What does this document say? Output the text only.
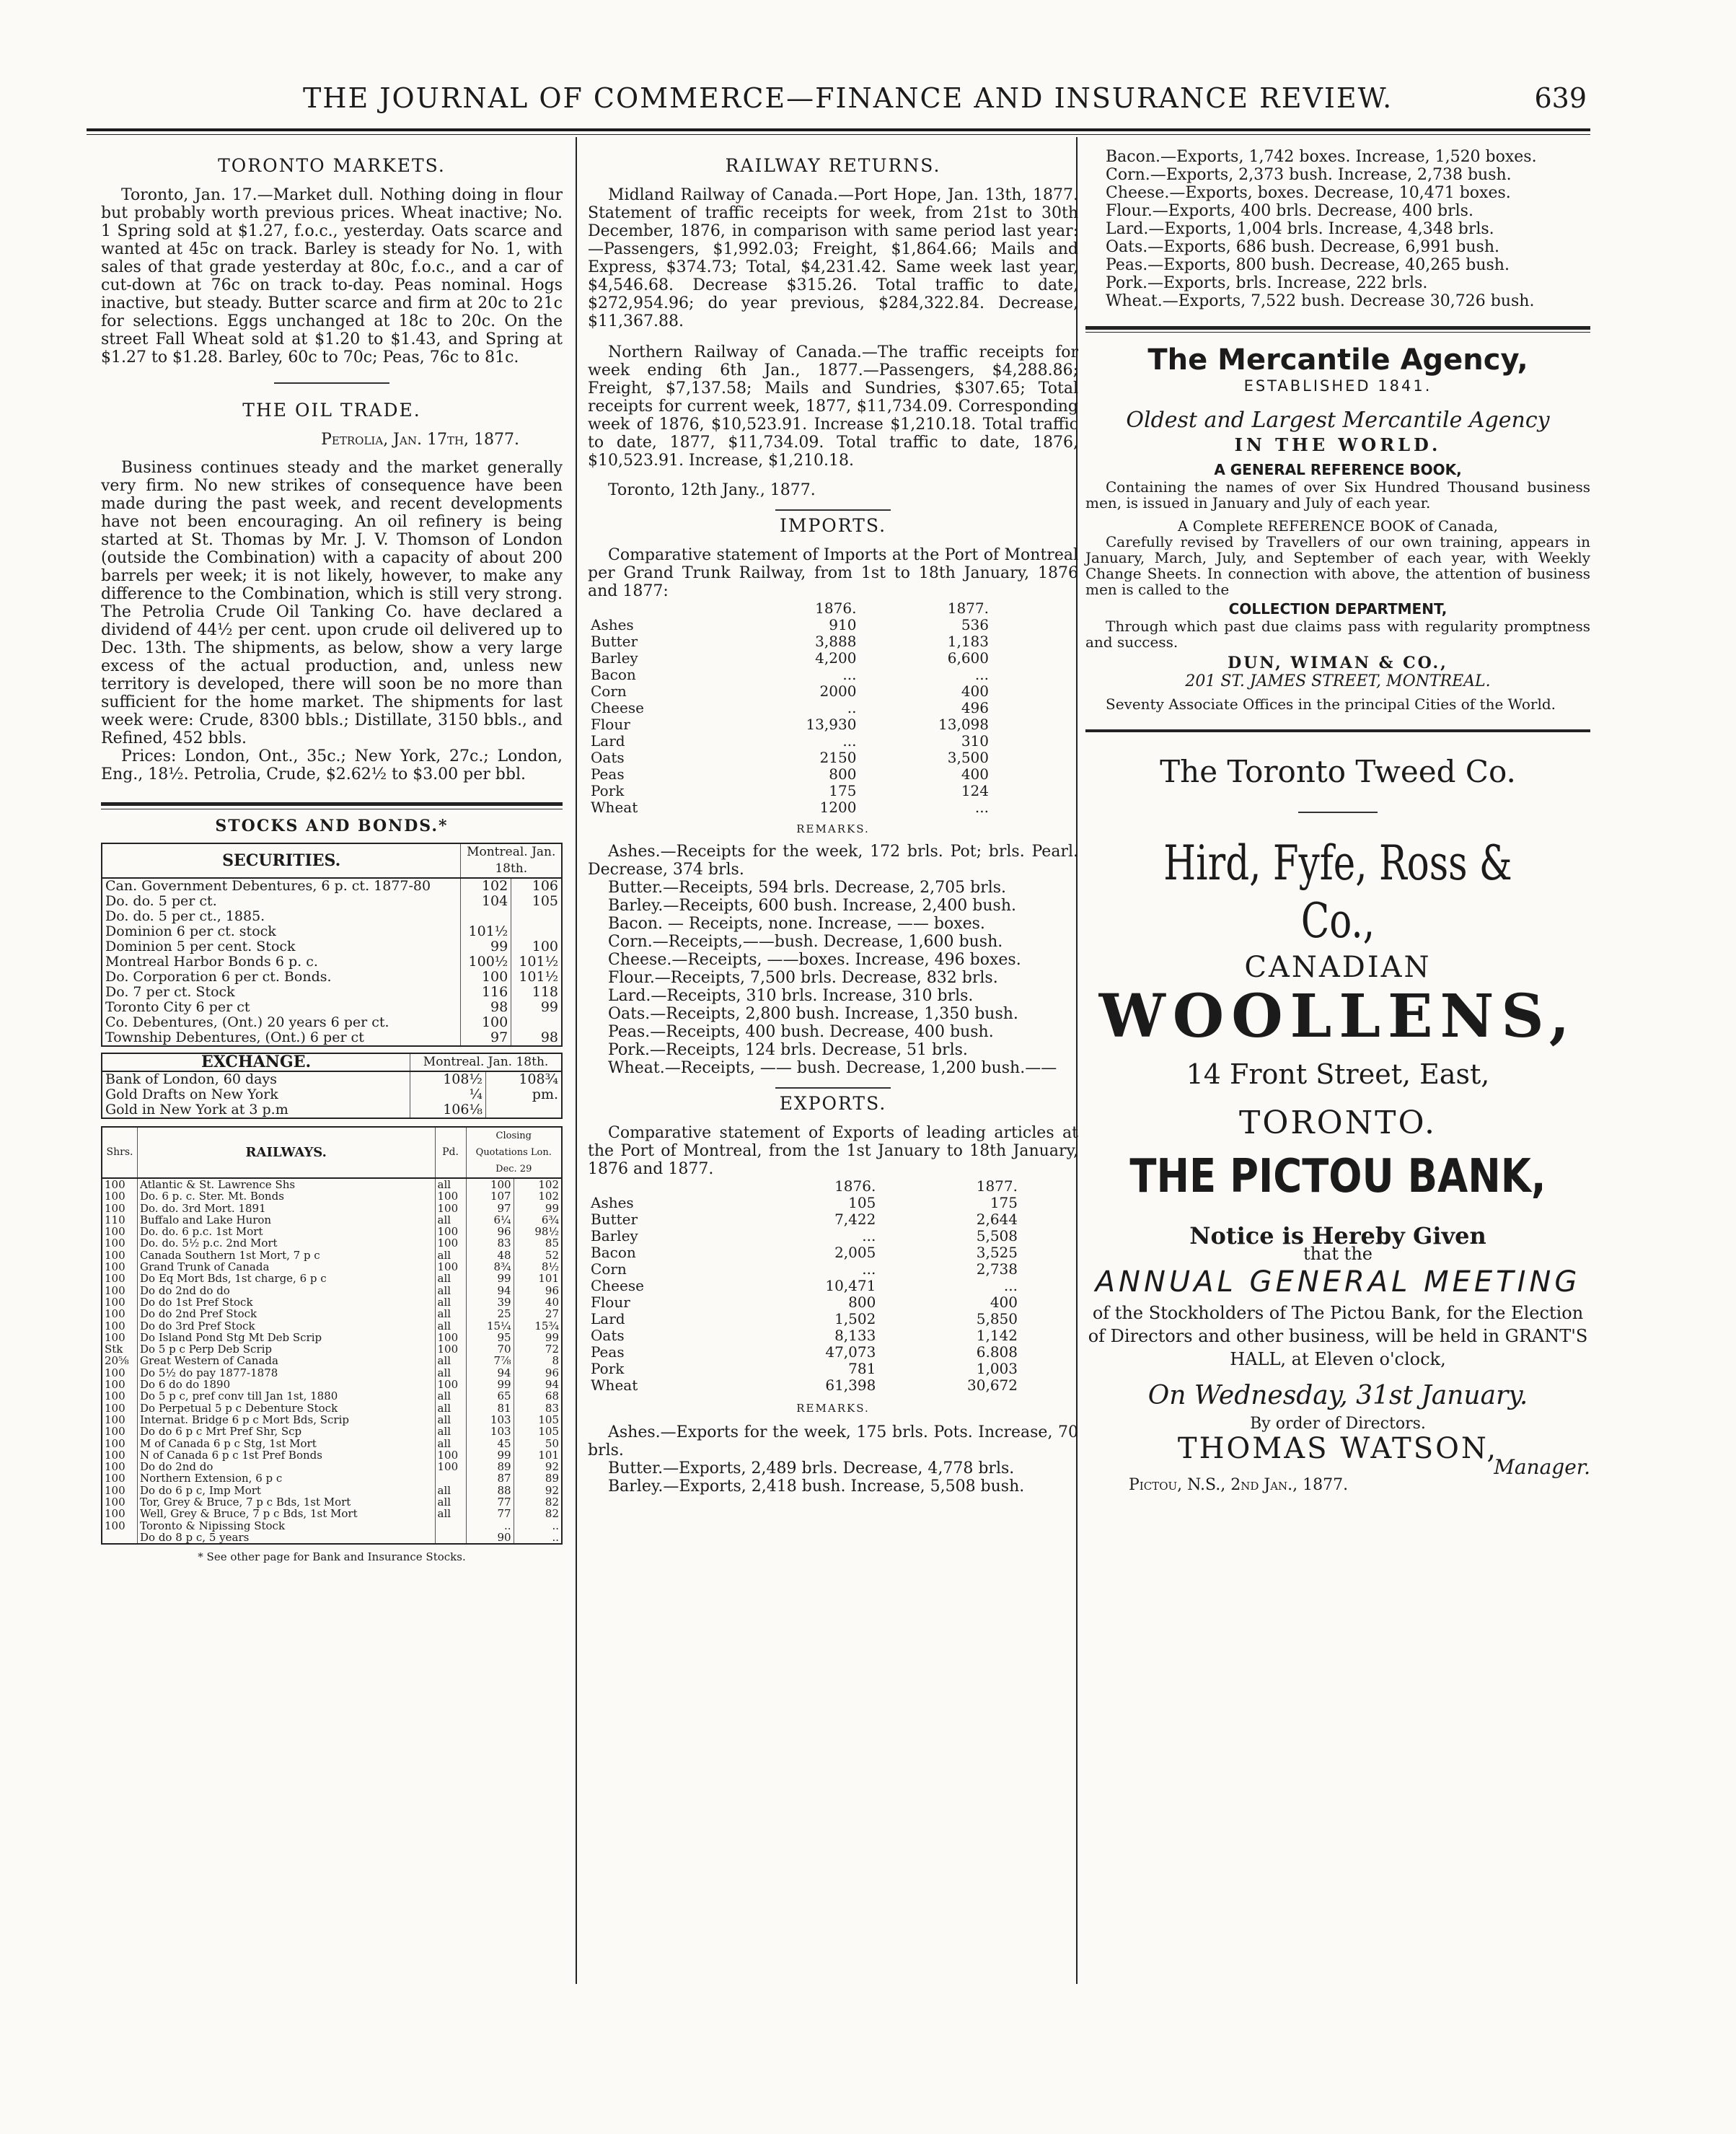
THE JOURNAL OF COMMERCE—FINANCE AND INSURANCE REVIEW.	639
TORONTO MARKETS.

Toronto, Jan. 17.—Market dull. Nothing doing in flour but probably worth previous prices. Wheat inactive; No. 1 Spring sold at $1.27, f.o.c., yesterday. Oats scarce and wanted at 45c on track. Barley is steady for No. 1, with sales of that grade yesterday at 80c, f.o.c., and a car of cut-down at 76c on track to-day. Peas nominal. Hogs inactive, but steady. Butter scarce and firm at 20c to 21c for selections. Eggs unchanged at 18c to 20c. On the street Fall Wheat sold at $1.20 to $1.43, and Spring at $1.27 to $1.28. Barley, 60c to 70c; Peas, 76c to 81c.

THE OIL TRADE.

Petrolia, Jan. 17th, 1877.

Business continues steady and the market generally very firm. No new strikes of consequence have been made during the past week, and recent developments have not been encouraging. An oil refinery is being started at St. Thomas by Mr. J. V. Thomson of London (outside the Combination) with a capacity of about 200 barrels per week; it is not likely, however, to make any difference to the Combination, which is still very strong. The Petrolia Crude Oil Tanking Co. have declared a dividend of 44½ per cent. upon crude oil delivered up to Dec. 13th. The shipments, as below, show a very large excess of the actual production, and, unless new territory is developed, there will soon be no more than sufficient for the home market. The shipments for last week were: Crude, 8300 bbls.; Distillate, 3150 bbls., and Refined, 452 bbls.

Prices: London, Ont., 35c.; New York, 27c.; London, Eng., 18½. Petrolia, Crude, $2.62½ to $3.00 per bbl.

STOCKS AND BONDS.*
SECURITIES.	Montreal. Jan. 18th.	
Can. Government Debentures, 6 p. ct. 1877-80	102	106
Do. do. 5 per ct.	104	105
Do. do. 5 per ct., 1885.		
Dominion 6 per ct. stock	101½	
Dominion 5 per cent. Stock	99	100
Montreal Harbor Bonds 6 p. c.	100½	101½
Do. Corporation 6 per ct. Bonds.	100	101½
Do. 7 per ct. Stock	116	118
Toronto City 6 per ct	98	99
Co. Debentures, (Ont.) 20 years 6 per ct.	100	
Township Debentures, (Ont.) 6 per ct	97	98
EXCHANGE.	Montreal. Jan. 18th.	
Bank of London, 60 days	108½	108¾
Gold Drafts on New York	¼	pm.
Gold in New York at 3 p.m	106⅛	
Shrs.	RAILWAYS.	Pd.	Closing Quotations Lon. Dec. 29	
100	Atlantic & St. Lawrence Shs	all	100	102
100	Do. 6 p. c. Ster. Mt. Bonds	100	107	102
100	Do. do. 3rd Mort. 1891	100	97	99
110	Buffalo and Lake Huron	all	6¼	6¾
100	Do. do. 6 p.c. 1st Mort	100	96	98½
100	Do. do. 5½ p.c. 2nd Mort	100	83	85
100	Canada Southern 1st Mort, 7 p c	all	48	52
100	Grand Trunk of Canada	100	8¾	8½
100	Do Eq Mort Bds, 1st charge, 6 p c	all	99	101
100	Do do 2nd do do	all	94	96
100	Do do 1st Pref Stock	all	39	40
100	Do do 2nd Pref Stock	all	25	27
100	Do do 3rd Pref Stock	all	15¼	15¾
100	Do Island Pond Stg Mt Deb Scrip	100	95	99
Stk	Do 5 p c Perp Deb Scrip	100	70	72
20⅝	Great Western of Canada	all	7⅞	8
100	Do 5½ do pay 1877-1878	all	94	96
100	Do 6 do do 1890	100	99	94
100	Do 5 p c, pref conv till Jan 1st, 1880	all	65	68
100	Do Perpetual 5 p c Debenture Stock	all	81	83
100	Internat. Bridge 6 p c Mort Bds, Scrip	all	103	105
100	Do do 6 p c Mrt Pref Shr, Scp	all	103	105
100	M of Canada 6 p c Stg, 1st Mort	all	45	50
100	N of Canada 6 p c 1st Pref Bonds	100	99	101
100	Do do 2nd do	100	89	92
100	Northern Extension, 6 p c		87	89
100	Do do 6 p c, Imp Mort	all	88	92
100	Tor, Grey & Bruce, 7 p c Bds, 1st Mort	all	77	82
100	Well, Grey & Bruce, 7 p c Bds, 1st Mort	all	77	82
100	Toronto & Nipissing Stock		..	..
	Do do 8 p c, 5 years		90	..

* See other page for Bank and Insurance Stocks.

RAILWAY RETURNS.

Midland Railway of Canada.—Port Hope, Jan. 13th, 1877. Statement of traffic receipts for week, from 21st to 30th December, 1876, in comparison with same period last year:—Passengers, $1,992.03; Freight, $1,864.66; Mails and Express, $374.73; Total, $4,231.42. Same week last year, $4,546.68. Decrease $315.26. Total traffic to date, $272,954.96; do year previous, $284,322.84. Decrease, $11,367.88.

Northern Railway of Canada.—The traffic receipts for week ending 6th Jan., 1877.—Passengers, $4,288.86; Freight, $7,137.58; Mails and Sundries, $307.65; Total receipts for current week, 1877, $11,734.09. Corresponding week of 1876, $10,523.91. Increase $1,210.18. Total traffic to date, 1877, $11,734.09. Total traffic to date, 1876, $10,523.91. Increase, $1,210.18.

Toronto, 12th Jany., 1877.

IMPORTS.

Comparative statement of Imports at the Port of Montreal per Grand Trunk Railway, from 1st to 18th January, 1876 and 1877:

	1876.	1877.
Ashes	910	536
Butter	3,888	1,183
Barley	4,200	6,600
Bacon	...	...
Corn	2000	400
Cheese	..	496
Flour	13,930	13,098
Lard	...	310
Oats	2150	3,500
Peas	800	400
Pork	175	124
Wheat	1200	...

REMARKS.

Ashes.—Receipts for the week, 172 brls. Pot; brls. Pearl. Decrease, 374 brls.

Butter.—Receipts, 594 brls. Decrease, 2,705 brls.

Barley.—Receipts, 600 bush. Increase, 2,400 bush.

Bacon. — Receipts, none. Increase, —— boxes.

Corn.—Receipts,——bush. Decrease, 1,600 bush.

Cheese.—Receipts, ——boxes. Increase, 496 boxes.

Flour.—Receipts, 7,500 brls. Decrease, 832 brls.

Lard.—Receipts, 310 brls. Increase, 310 brls.

Oats.—Receipts, 2,800 bush. Increase, 1,350 bush.

Peas.—Receipts, 400 bush. Decrease, 400 bush.

Pork.—Receipts, 124 brls. Decrease, 51 brls.

Wheat.—Receipts, —— bush. Decrease, 1,200 bush.——

EXPORTS.

Comparative statement of Exports of leading articles at the Port of Montreal, from the 1st January to 18th January, 1876 and 1877.

	1876.	1877.
Ashes	105	175
Butter	7,422	2,644
Barley	...	5,508
Bacon	2,005	3,525
Corn	...	2,738
Cheese	10,471	...
Flour	800	400
Lard	1,502	5,850
Oats	8,133	1,142
Peas	47,073	6.808
Pork	781	1,003
Wheat	61,398	30,672

REMARKS.

Ashes.—Exports for the week, 175 brls. Pots. Increase, 70 brls.

Butter.—Exports, 2,489 brls. Decrease, 4,778 brls.

Barley.—Exports, 2,418 bush. Increase, 5,508 bush.

Bacon.—Exports, 1,742 boxes. Increase, 1,520 boxes.

Corn.—Exports, 2,373 bush. Increase, 2,738 bush.

Cheese.—Exports, boxes. Decrease, 10,471 boxes.

Flour.—Exports, 400 brls. Decrease, 400 brls.

Lard.—Exports, 1,004 brls. Increase, 4,348 brls.

Oats.—Exports, 686 bush. Decrease, 6,991 bush.

Peas.—Exports, 800 bush. Decrease, 40,265 bush.

Pork.—Exports, brls. Increase, 222 brls.

Wheat.—Exports, 7,522 bush. Decrease 30,726 bush.

The Mercantile Agency,

ESTABLISHED 1841.

Oldest and Largest Mercantile Agency

IN THE WORLD.

A GENERAL REFERENCE BOOK,

Containing the names of over Six Hundred Thousand business men, is issued in January and July of each year.

A Complete REFERENCE BOOK of Canada,

Carefully revised by Travellers of our own training, appears in January, March, July, and September of each year, with Weekly Change Sheets. In connection with above, the attention of business men is called to the

COLLECTION DEPARTMENT,

Through which past due claims pass with regularity promptness and success.

DUN, WIMAN & CO.,

201 ST. JAMES STREET, MONTREAL.

Seventy Associate Offices in the principal Cities of the World.

The Toronto Tweed Co.

Hird, Fyfe, Ross & Co.,

CANADIAN

WOOLLENS,

14 Front Street, East,

TORONTO.

THE PICTOU BANK,

Notice is Hereby Given

that the

ANNUAL GENERAL MEETING

of the Stockholders of The Pictou Bank, for the Election of Directors and other business, will be held in GRANT'S HALL, at Eleven o'clock,

On Wednesday, 31st January.

By order of Directors.

THOMAS WATSON,

Manager.

Pictou, N.S., 2nd Jan., 1877.
